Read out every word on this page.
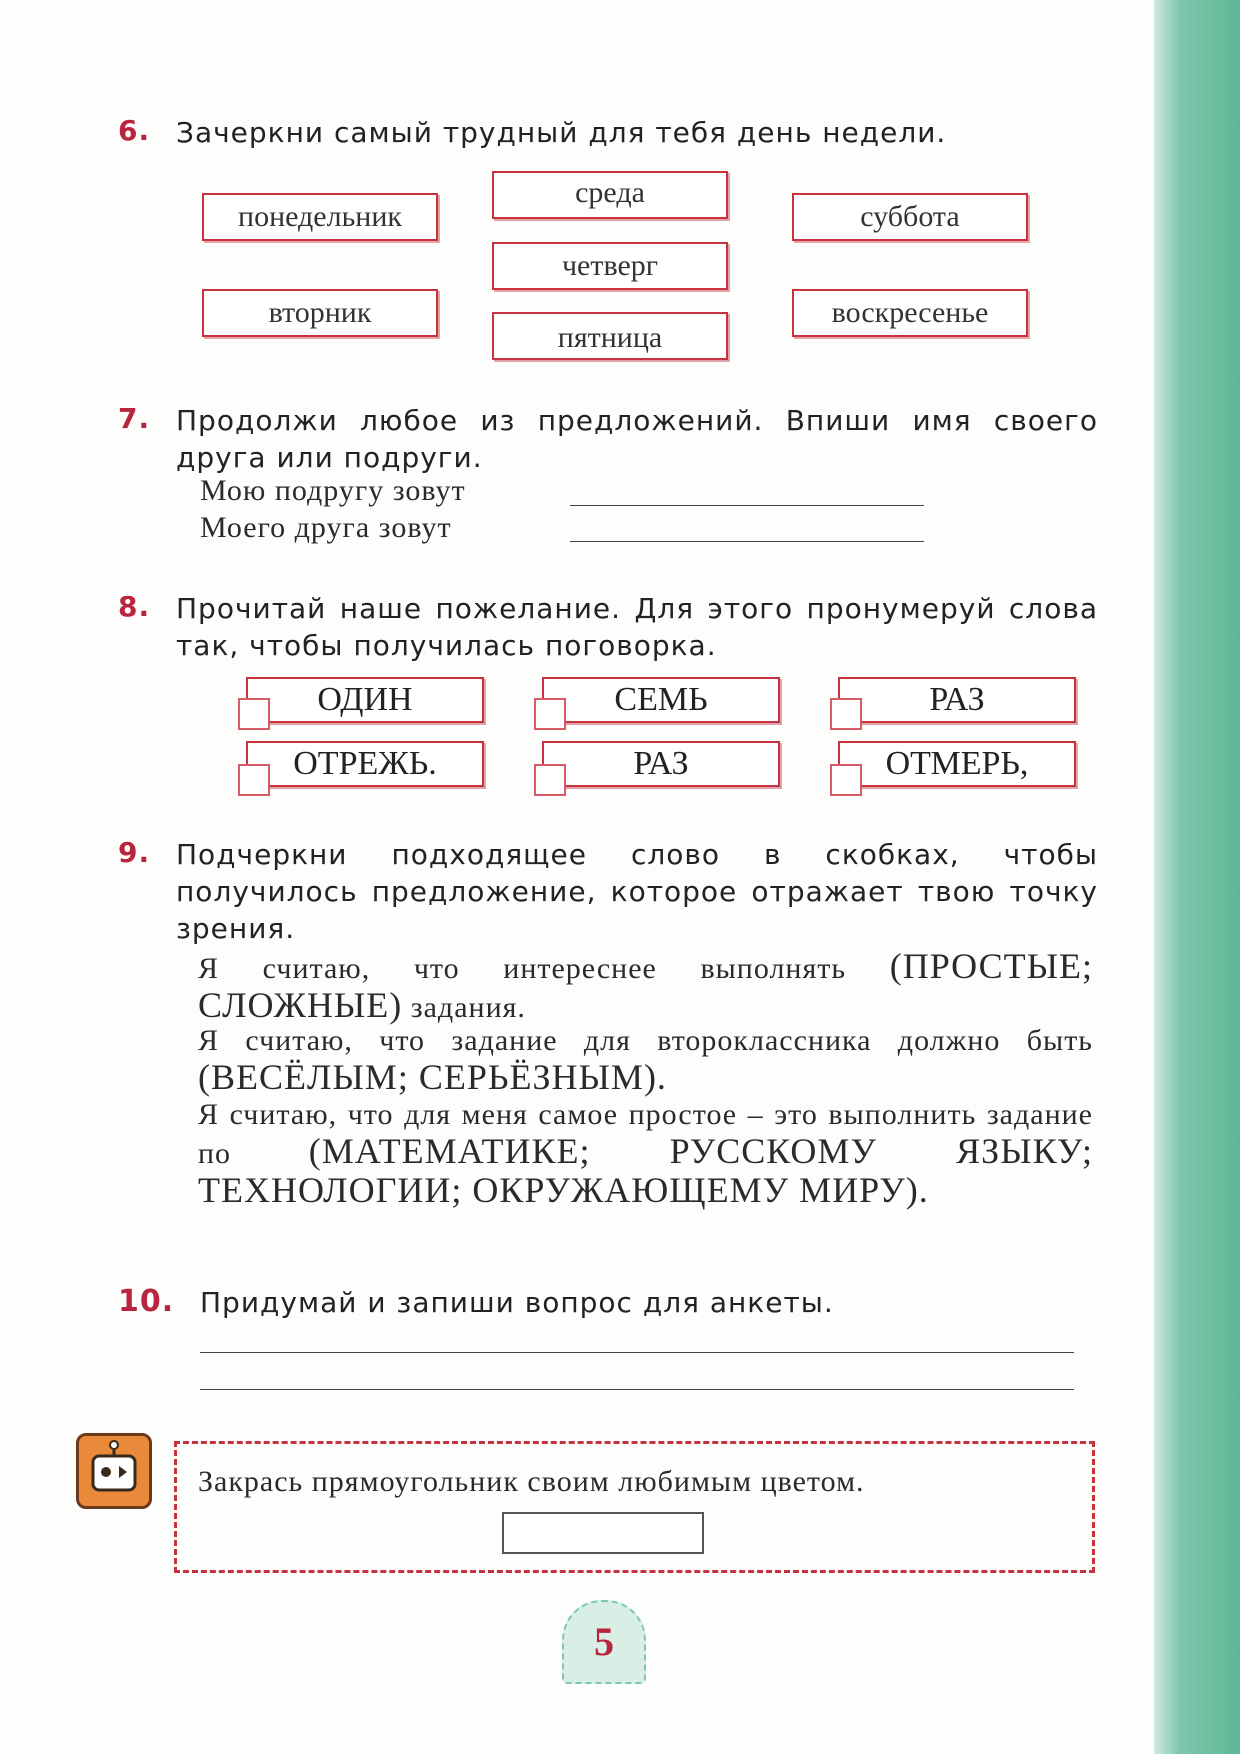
6. Зачеркни самый трудный для тебя день недели.
понедельник
вторник
среда
четверг
пятница
суббота
воскресенье
7. Продолжи любое из предложений. Впиши имя своего друга или подруги.
Мою подругу зовут
Моего друга зовут
8. Прочитай наше пожелание. Для этого пронумеруй слова так, чтобы получилась поговорка.
ОДИН	СЕМЬ	РАЗ
ОТРЕЖЬ.	РАЗ	ОТМЕРЬ,
9. Подчеркни подходящее слово в скобках, чтобы получилось предложение, которое отражает твою точку зрения.
Я считаю, что интереснее выполнять (ПРОСТЫЕ; СЛОЖНЫЕ) задания.
Я считаю, что задание для второклассника должно быть (ВЕСЁЛЫМ; СЕРЬЁЗНЫМ).
Я считаю, что для меня самое простое – это выполнить задание по (МАТЕМАТИКЕ; РУССКОМУ ЯЗЫКУ; ТЕХНОЛОГИИ; ОКРУЖАЮЩЕМУ МИРУ).
10. Придумай и запиши вопрос для анкеты.
Закрась прямоугольник своим любимым цветом.
5
